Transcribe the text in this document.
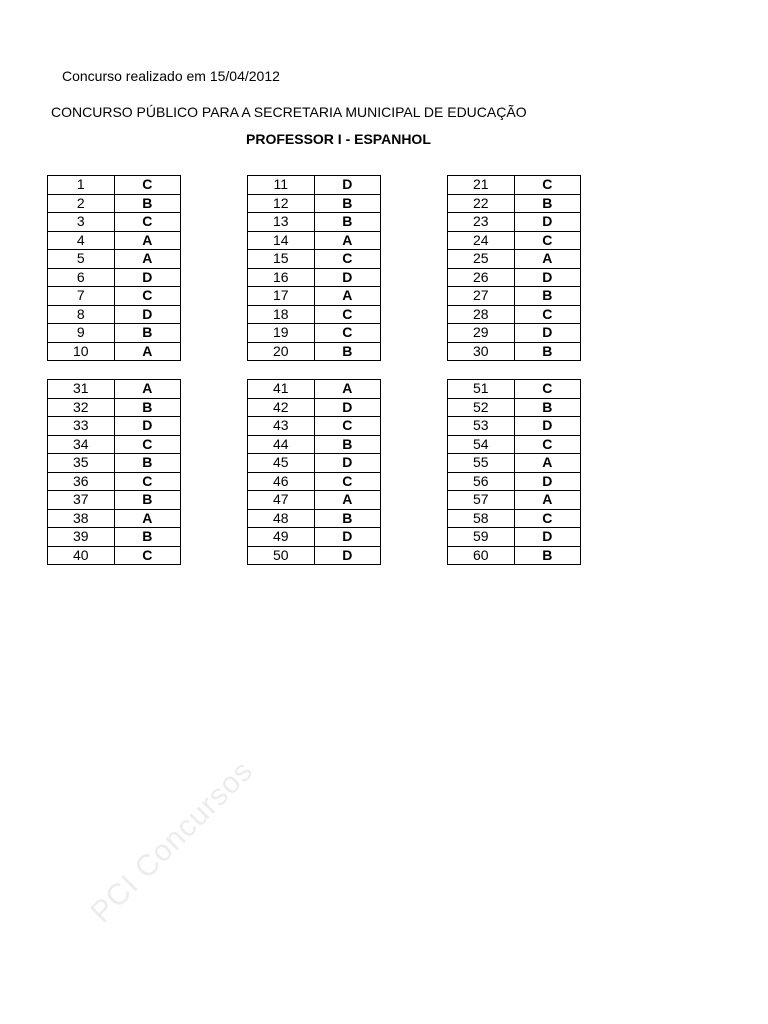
Concurso realizado em 15/04/2012
CONCURSO PÚBLICO PARA A SECRETARIA MUNICIPAL DE EDUCAÇÃO
PROFESSOR I - ESPANHOL
1	C
2	B
3	C
4	A
5	A
6	D
7	C
8	D
9	B
10	A
11	D
12	B
13	B
14	A
15	C
16	D
17	A
18	C
19	C
20	B
21	C
22	B
23	D
24	C
25	A
26	D
27	B
28	C
29	D
30	B
31	A
32	B
33	D
34	C
35	B
36	C
37	B
38	A
39	B
40	C
41	A
42	D
43	C
44	B
45	D
46	C
47	A
48	B
49	D
50	D
51	C
52	B
53	D
54	C
55	A
56	D
57	A
58	C
59	D
60	B
PCI Concursos
